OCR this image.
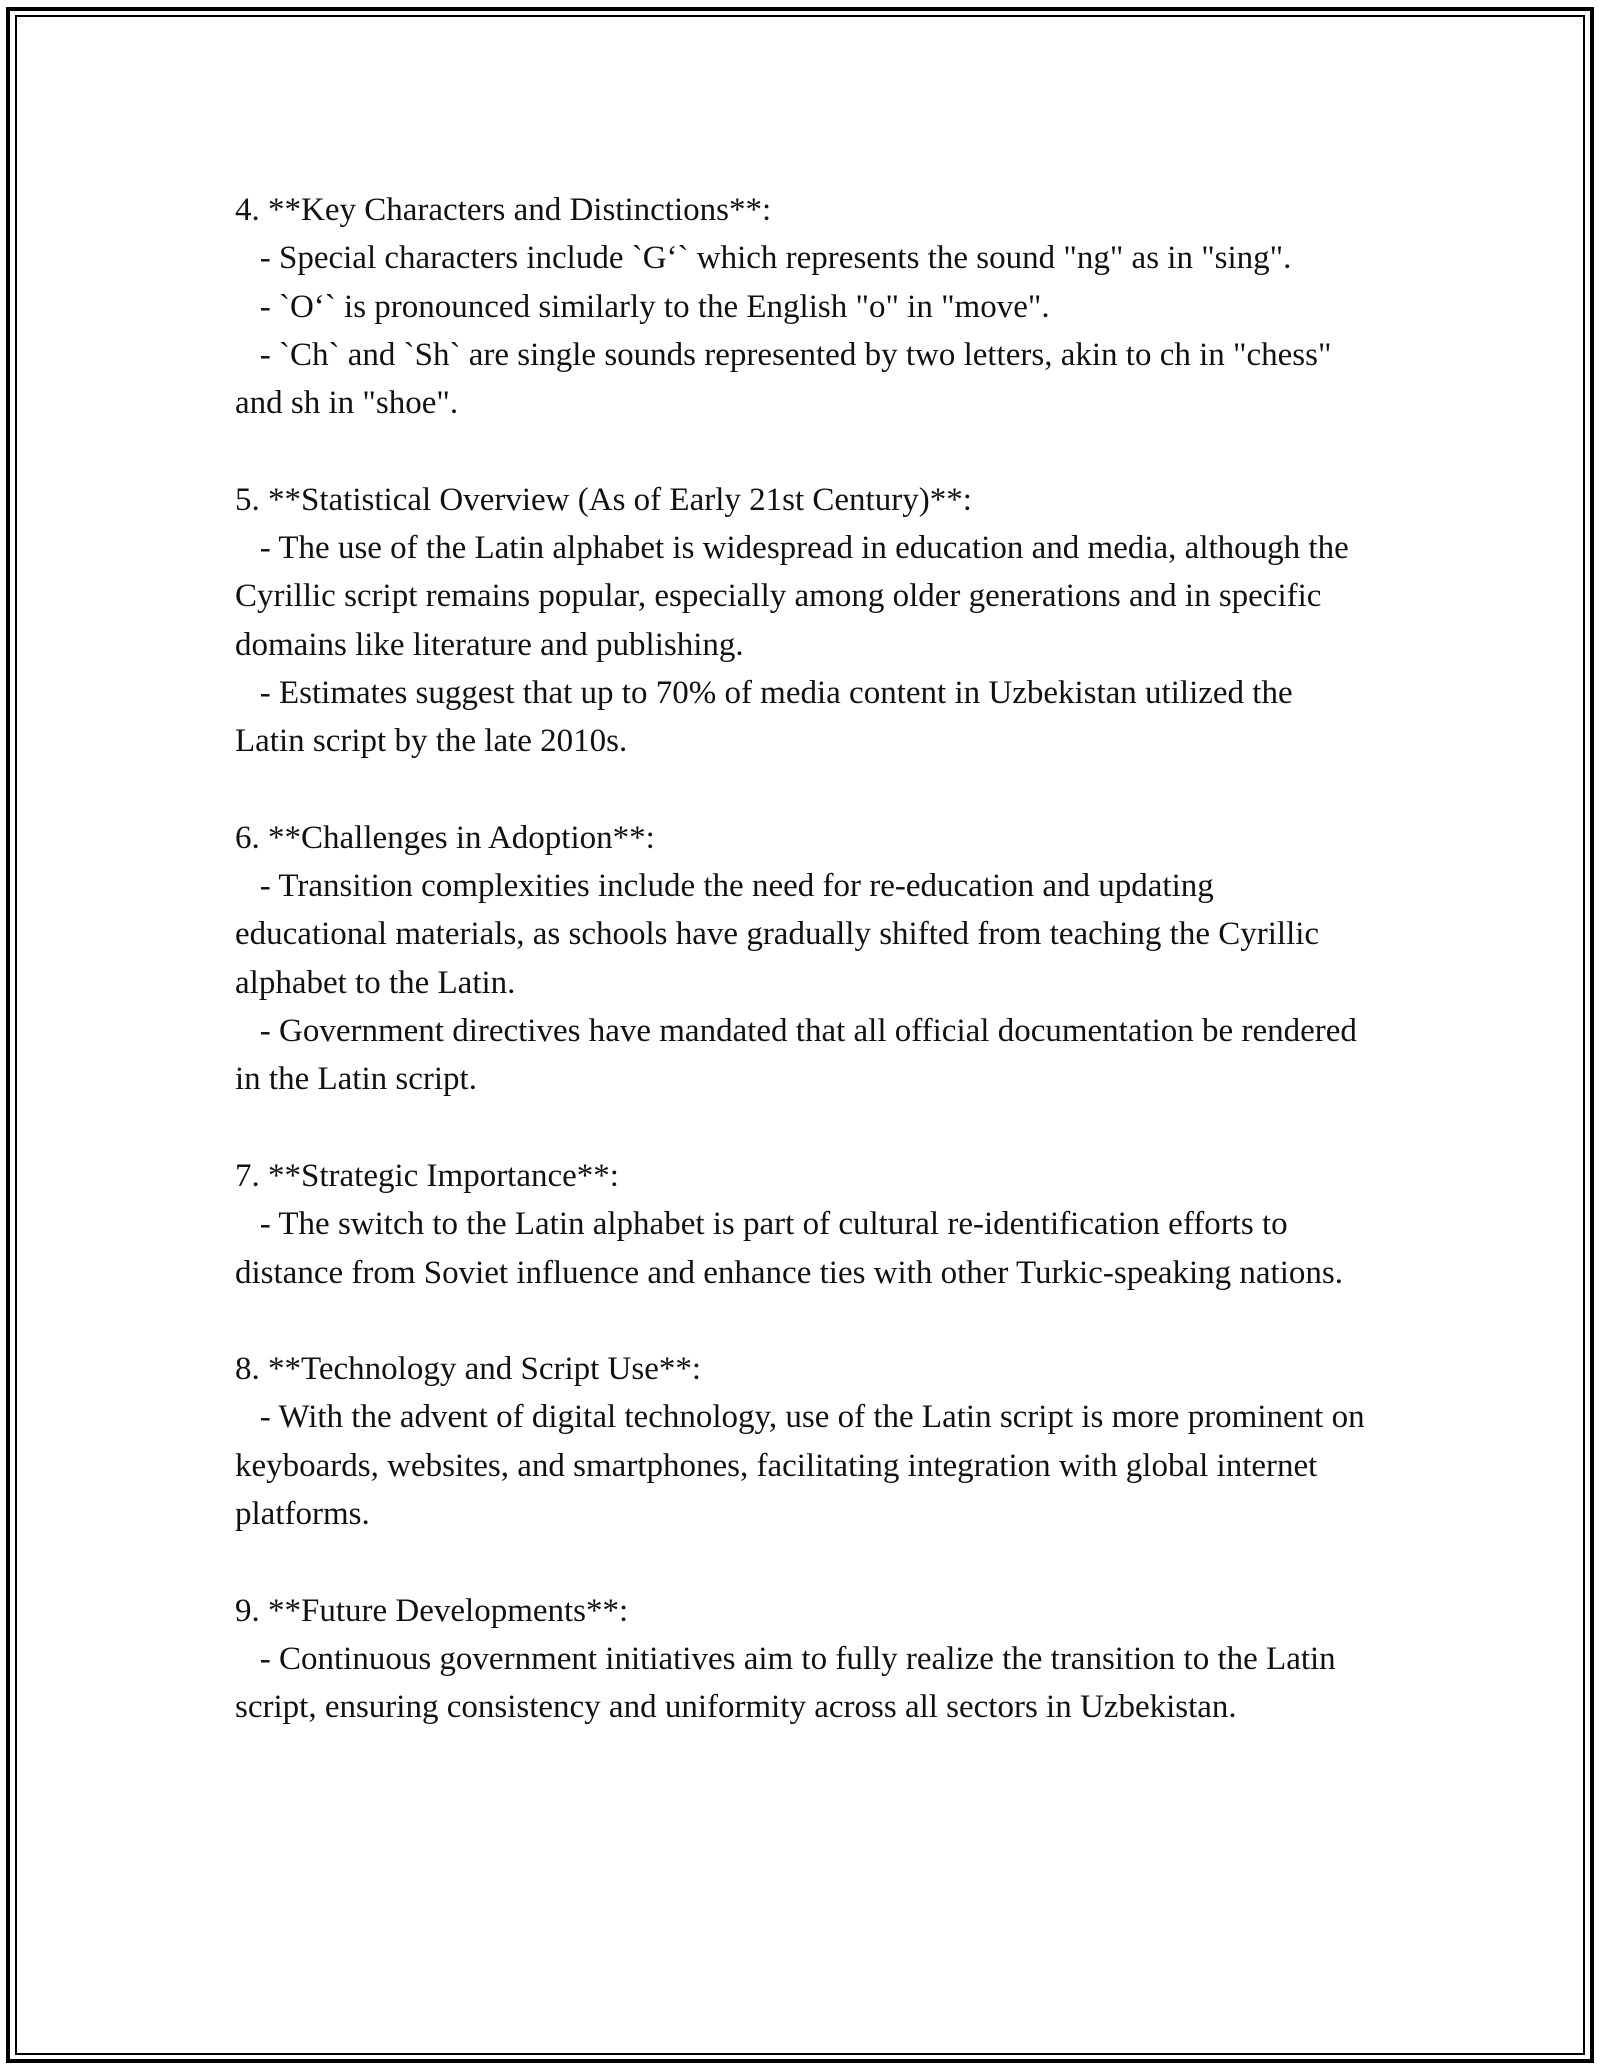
4. **Key Characters and Distinctions**:
- Special characters include `G‘` which represents the sound "ng" as in "sing".
- `O‘` is pronounced similarly to the English "o" in "move".
- `Ch` and `Sh` are single sounds represented by two letters, akin to ch in "chess" and sh in "shoe".
5. **Statistical Overview (As of Early 21st Century)**:
- The use of the Latin alphabet is widespread in education and media, although the Cyrillic script remains popular, especially among older generations and in specific domains like literature and publishing.
- Estimates suggest that up to 70% of media content in Uzbekistan utilized the Latin script by the late 2010s.
6. **Challenges in Adoption**:
- Transition complexities include the need for re-education and updating educational materials, as schools have gradually shifted from teaching the Cyrillic alphabet to the Latin.
- Government directives have mandated that all official documentation be rendered in the Latin script.
7. **Strategic Importance**:
- The switch to the Latin alphabet is part of cultural re-identification efforts to distance from Soviet influence and enhance ties with other Turkic-speaking nations.
8. **Technology and Script Use**:
- With the advent of digital technology, use of the Latin script is more prominent on keyboards, websites, and smartphones, facilitating integration with global internet platforms.
9. **Future Developments**:
- Continuous government initiatives aim to fully realize the transition to the Latin script, ensuring consistency and uniformity across all sectors in Uzbekistan.
